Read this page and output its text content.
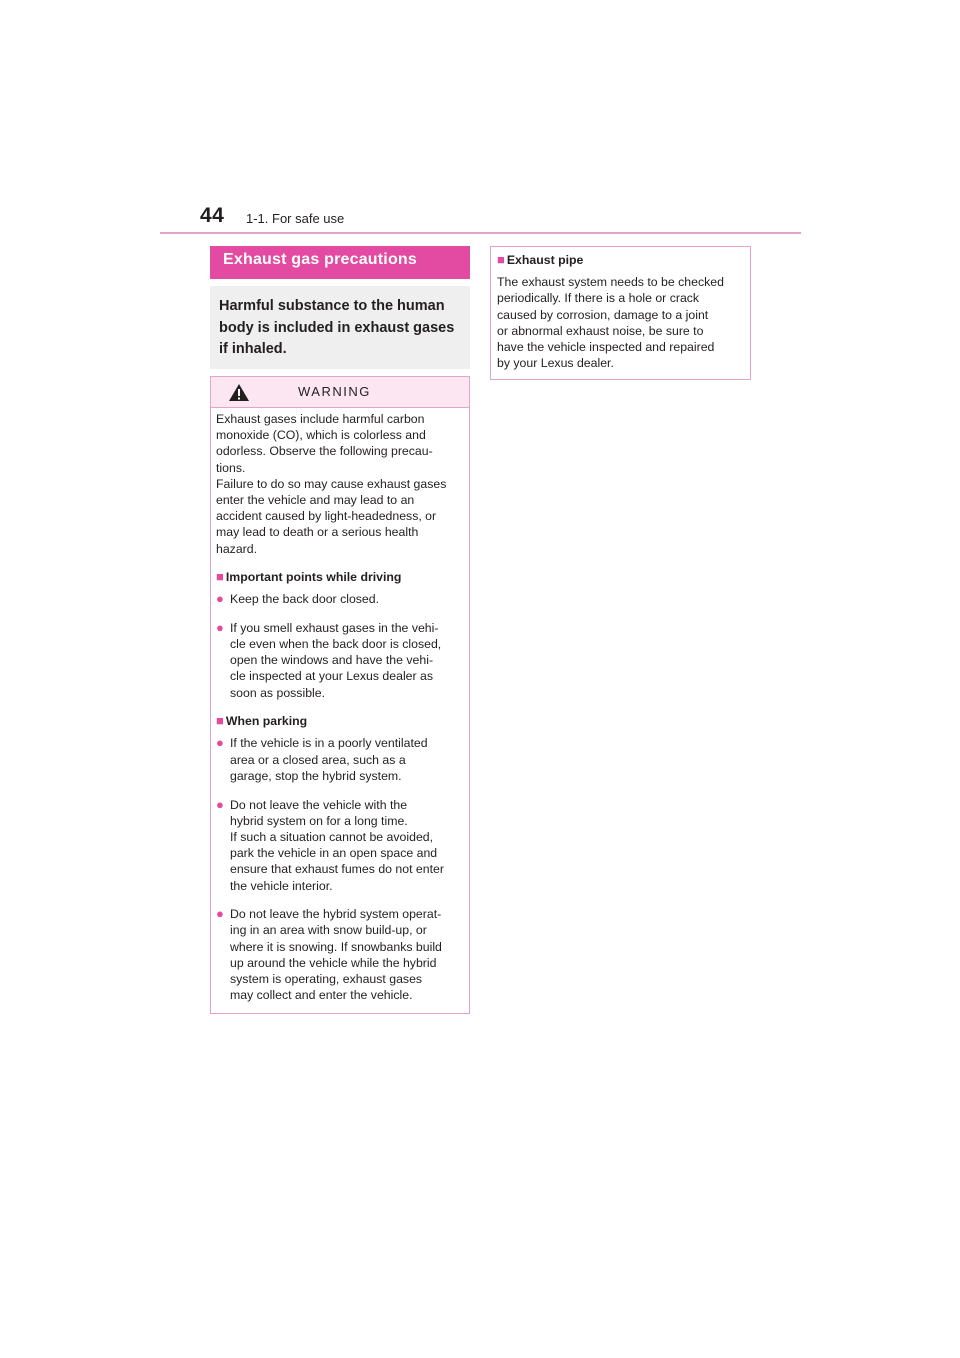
44 1-1. For safe use
Exhaust gas precautions

Harmful substance to the human body is included in exhaust gases if inhaled.

WARNING
Exhaust gases include harmful carbon
monoxide (CO), which is colorless and
odorless. Observe the following precau-
tions.
Failure to do so may cause exhaust gases
enter the vehicle and may lead to an
accident caused by light-headedness, or
may lead to death or a serious health
hazard.
■ Important points while driving
● Keep the back door closed.
● If you smell exhaust gases in the vehi-
cle even when the back door is closed,
open the windows and have the vehi-
cle inspected at your Lexus dealer as
soon as possible.
■ When parking
● If the vehicle is in a poorly ventilated
area or a closed area, such as a
garage, stop the hybrid system.
● Do not leave the vehicle with the
hybrid system on for a long time.
If such a situation cannot be avoided,
park the vehicle in an open space and
ensure that exhaust fumes do not enter
the vehicle interior.
● Do not leave the hybrid system operat-
ing in an area with snow build-up, or
where it is snowing. If snowbanks build
up around the vehicle while the hybrid
system is operating, exhaust gases
may collect and enter the vehicle.
■ Exhaust pipe
The exhaust system needs to be checked
periodically. If there is a hole or crack
caused by corrosion, damage to a joint
or abnormal exhaust noise, be sure to
have the vehicle inspected and repaired
by your Lexus dealer.
